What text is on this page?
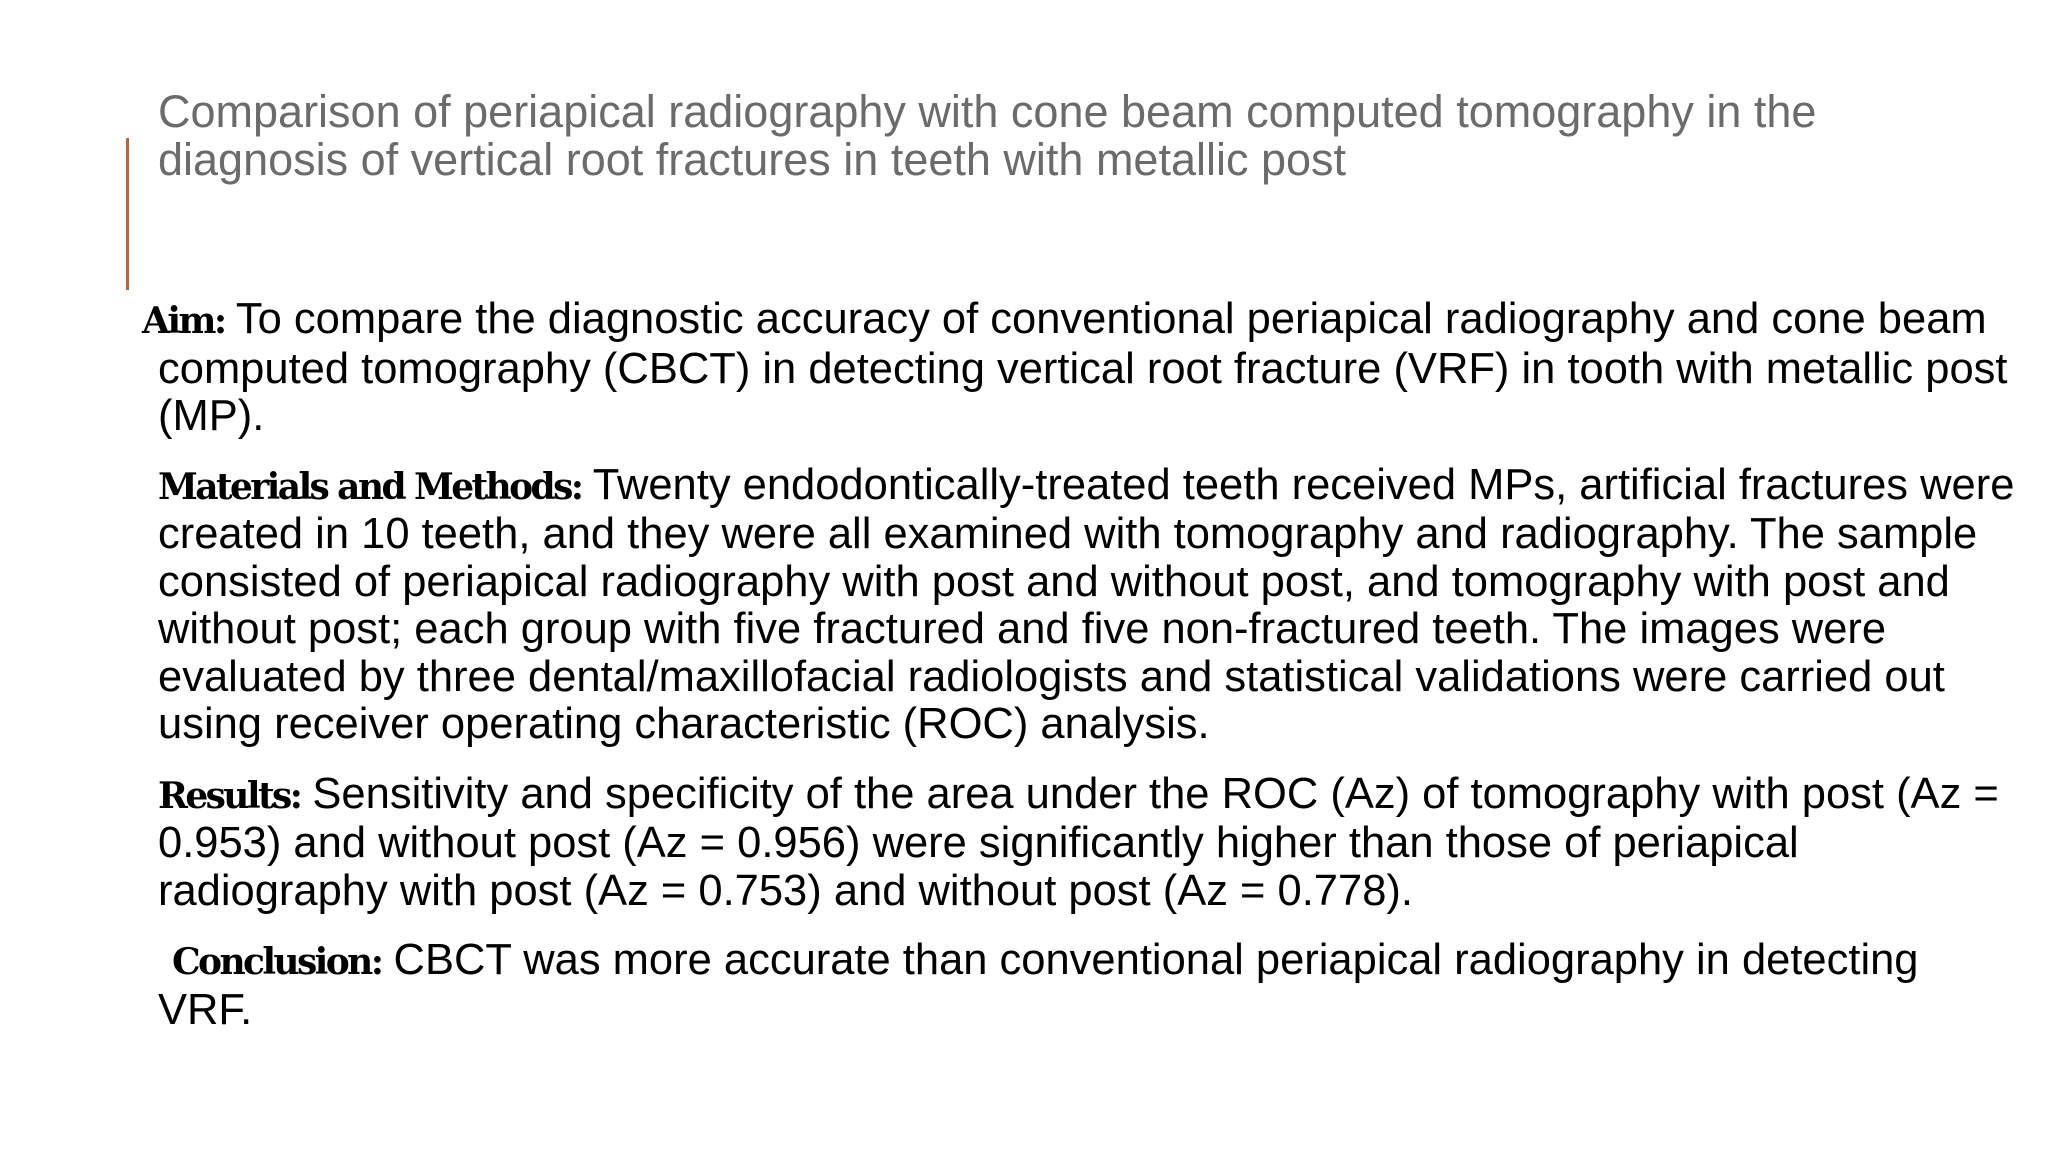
Comparison of periapical radiography with cone beam computed tomography in the diagnosis of vertical root fractures in teeth with metallic post

Aim: To compare the diagnostic accuracy of conventional periapical radiography and cone beam computed tomography (CBCT) in detecting vertical root fracture (VRF) in tooth with metallic post (MP).

Materials and Methods: Twenty endodontically-treated teeth received MPs, artificial fractures were created in 10 teeth, and they were all examined with tomography and radiography. The sample consisted of periapical radiography with post and without post, and tomography with post and without post; each group with five fractured and five non-fractured teeth. The images were evaluated by three dental/maxillofacial radiologists and statistical validations were carried out using receiver operating characteristic (ROC) analysis.

Results: Sensitivity and specificity of the area under the ROC (Az) of tomography with post (Az = 0.953) and without post (Az = 0.956) were significantly higher than those of periapical radiography with post (Az = 0.753) and without post (Az = 0.778).

Conclusion: CBCT was more accurate than conventional periapical radiography in detecting VRF.
